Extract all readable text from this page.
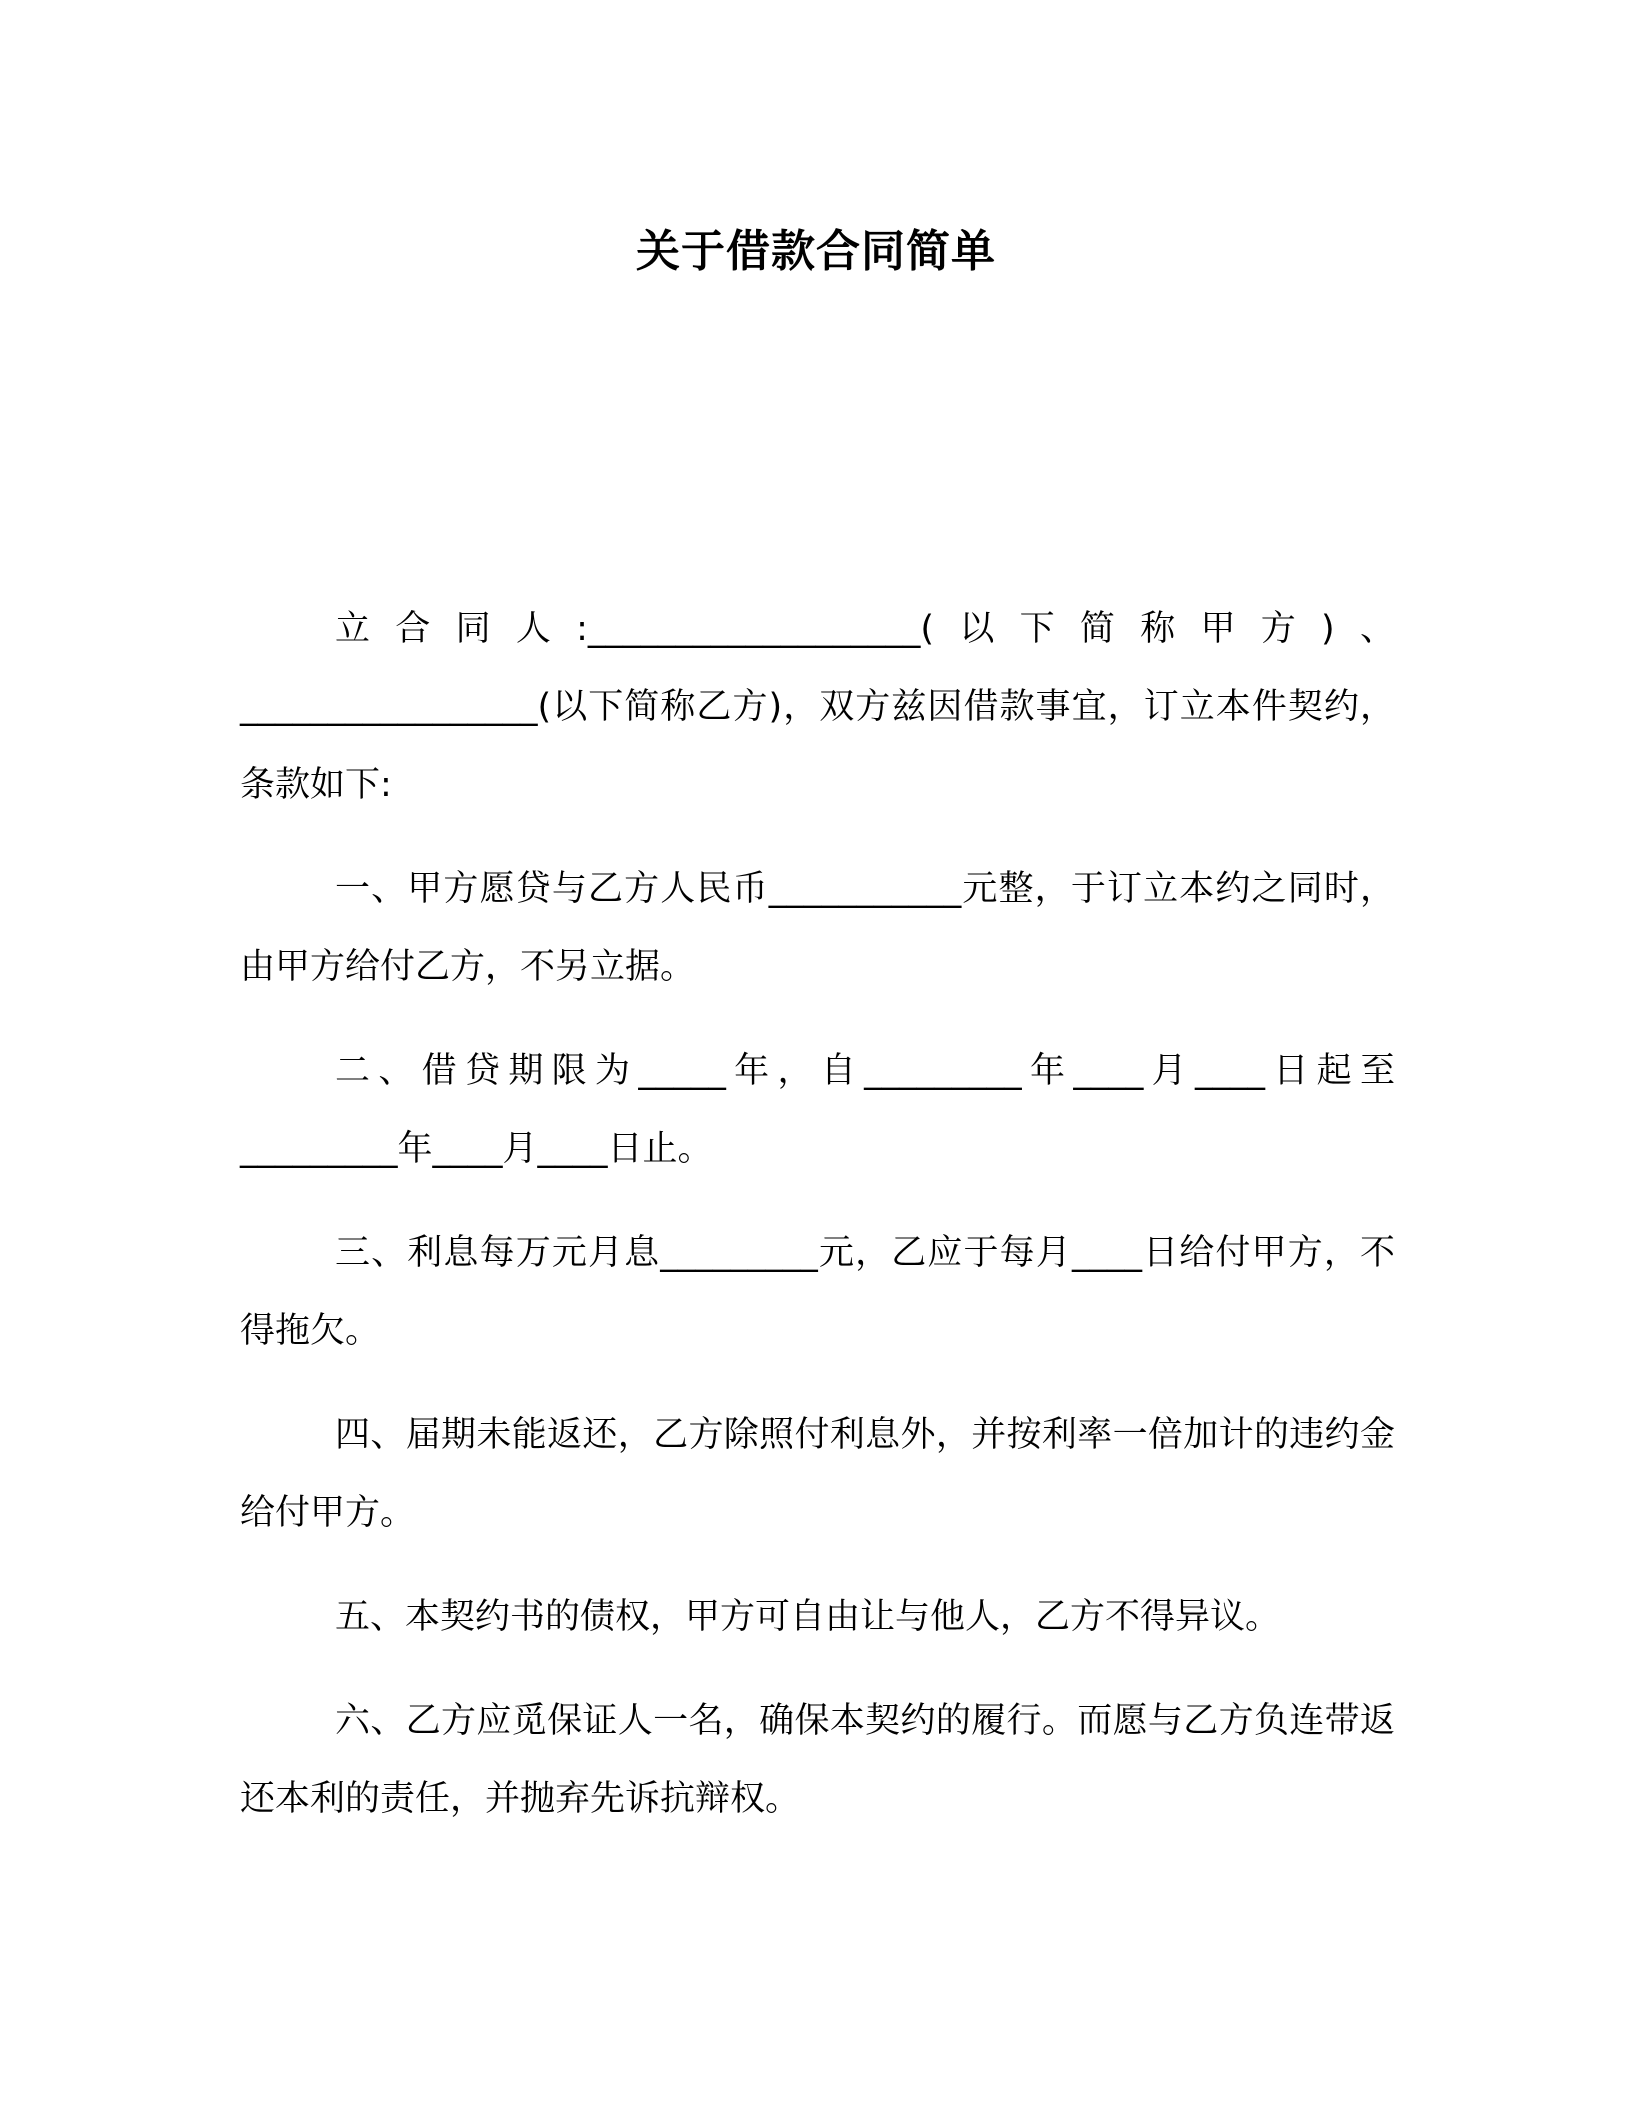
关于借款合同简单

立合同人:___________________(以下简称甲方)、_________________(以下简称乙方)，双方兹因借款事宜，订立本件契约，条款如下:

一、甲方愿贷与乙方人民币___________元整，于订立本约之同时，由甲方给付乙方，不另立据。

二、借贷期限为_____年，自_________年____月____日起至_________年____月____日止。

三、利息每万元月息_________元，乙应于每月____日给付甲方，不得拖欠。

四、届期未能返还，乙方除照付利息外，并按利率一倍加计的违约金给付甲方。

五、本契约书的债权，甲方可自由让与他人，乙方不得异议。

六、乙方应觅保证人一名，确保本契约的履行。而愿与乙方负连带返还本利的责任，并抛弃先诉抗辩权。
